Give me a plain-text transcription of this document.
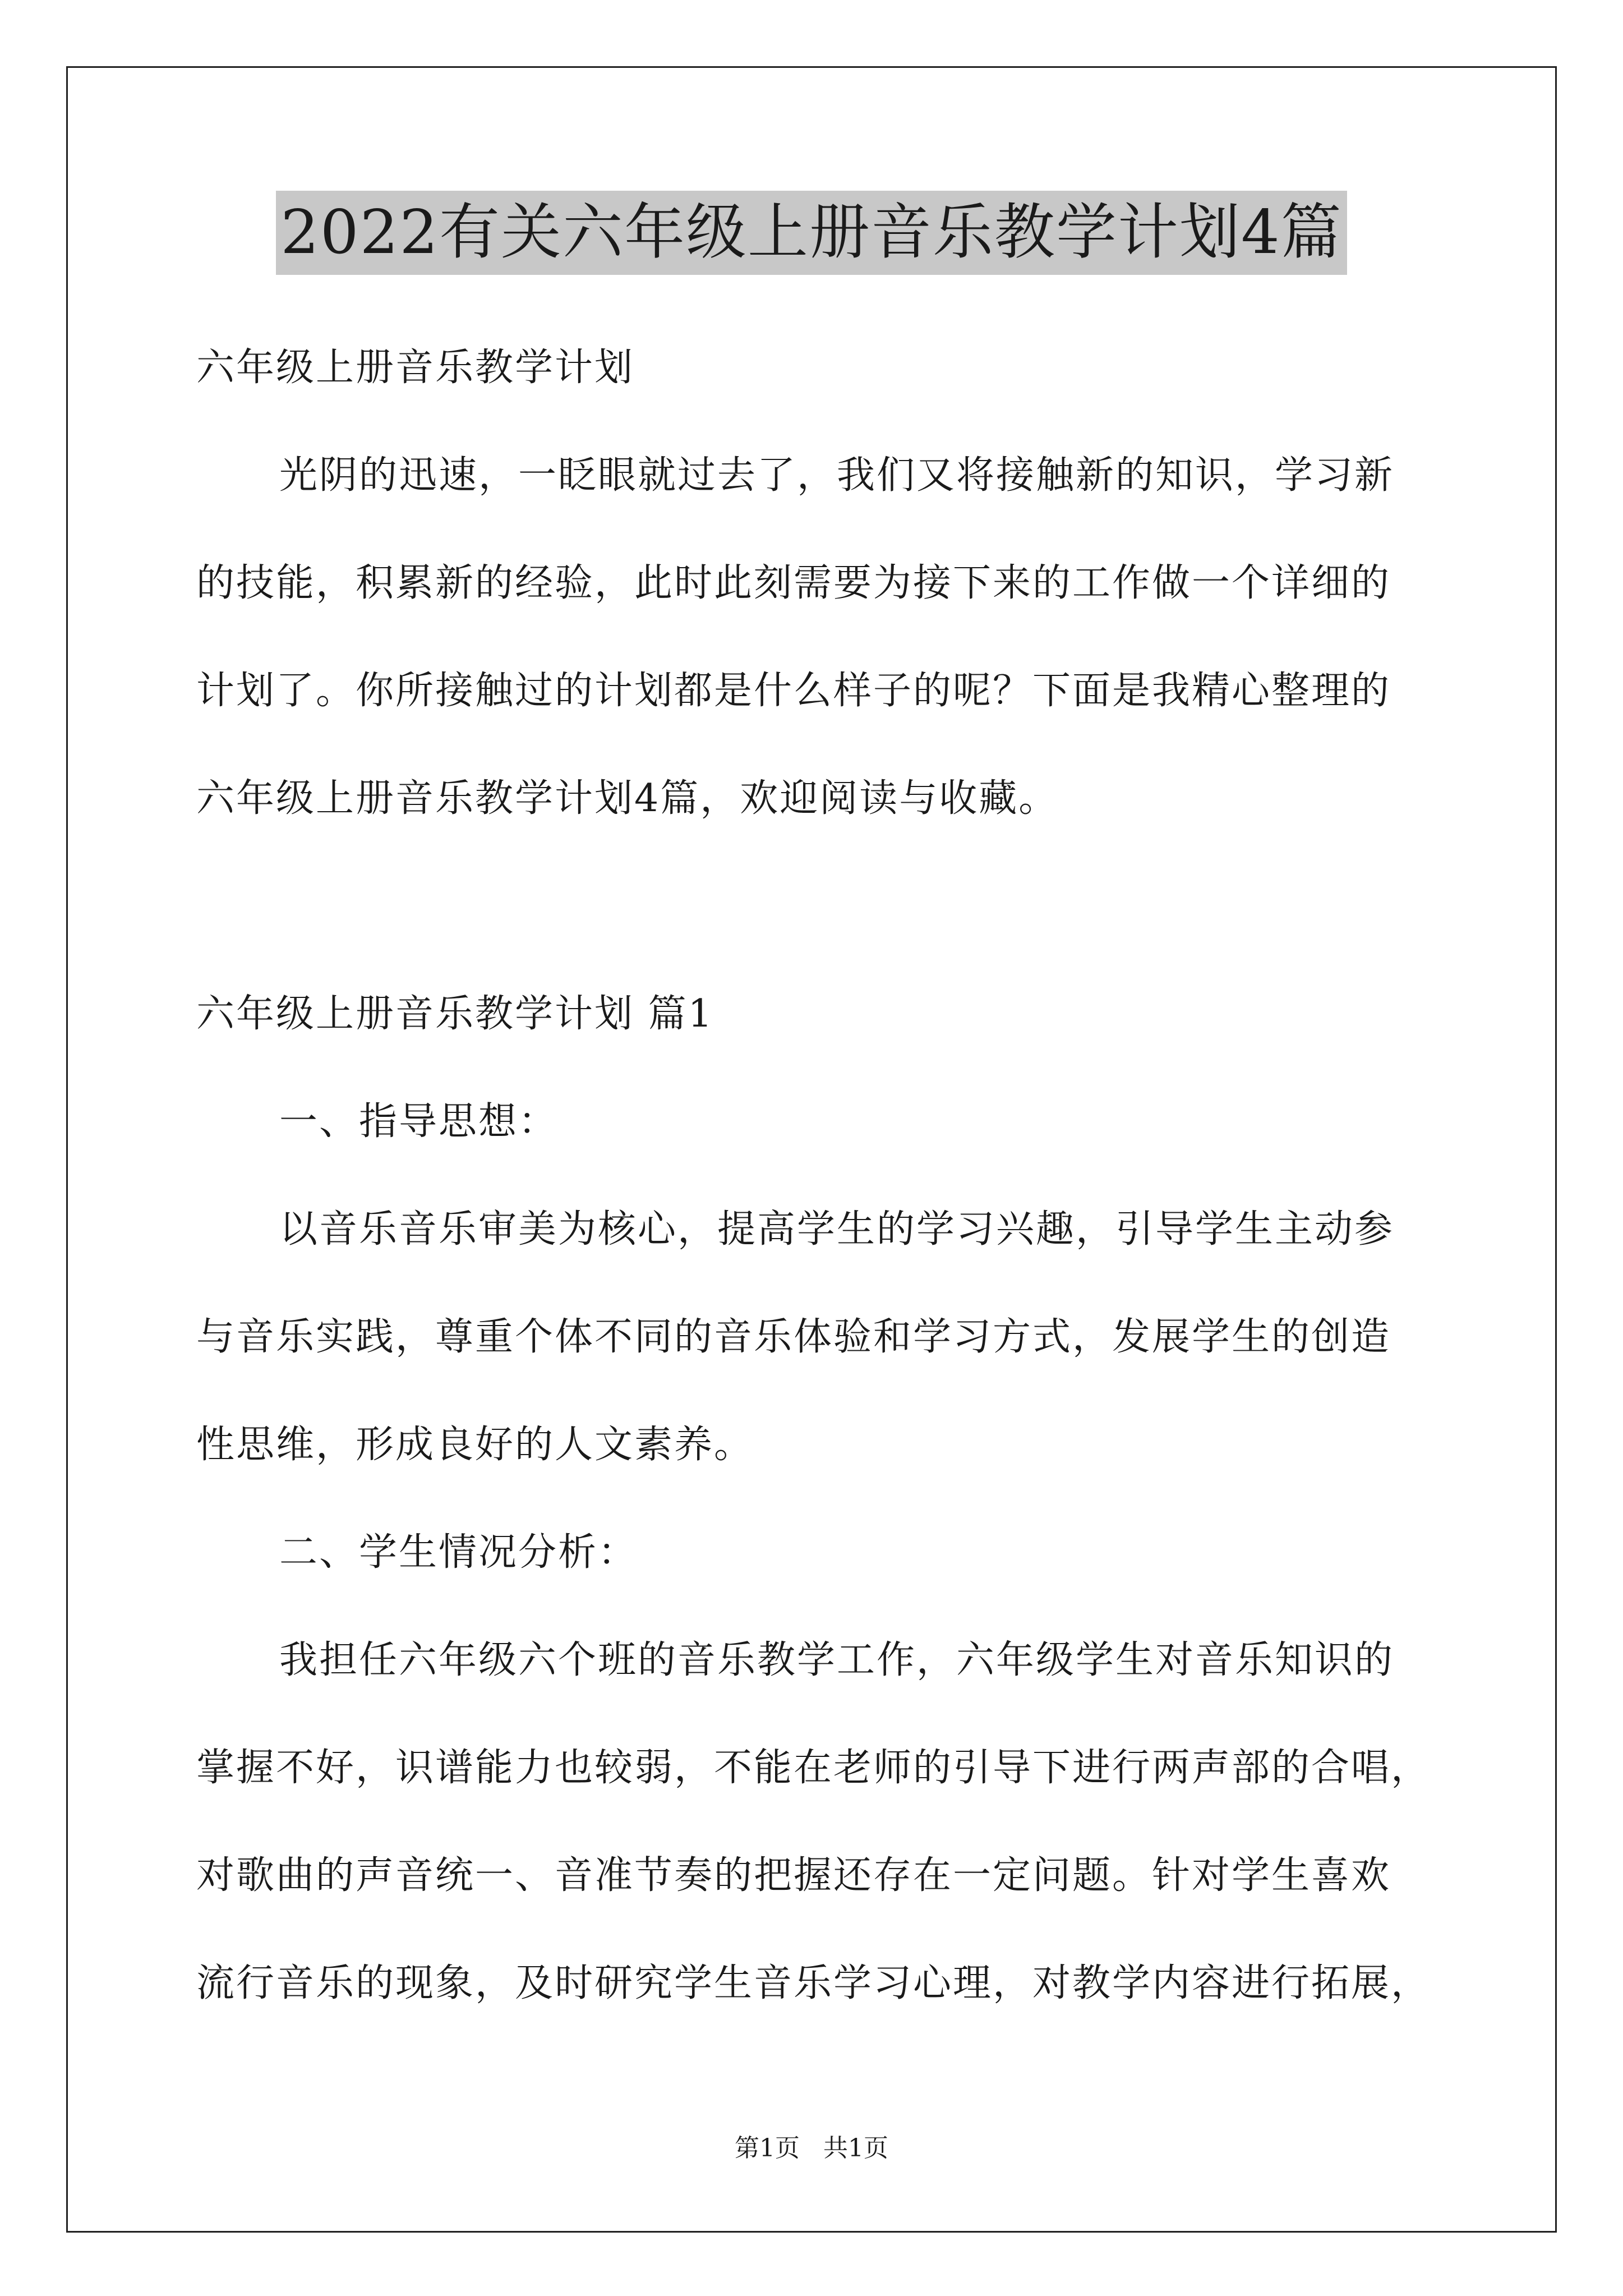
2022有关六年级上册音乐教学计划4篇
六年级上册音乐教学计划
光阴的迅速，一眨眼就过去了，我们又将接触新的知识，学习新
的技能，积累新的经验，此时此刻需要为接下来的工作做一个详细的
计划了。你所接触过的计划都是什么样子的呢？下面是我精心整理的
六年级上册音乐教学计划4篇，欢迎阅读与收藏。
六年级上册音乐教学计划 篇1
一、指导思想：
以音乐音乐审美为核心，提高学生的学习兴趣，引导学生主动参
与音乐实践，尊重个体不同的音乐体验和学习方式，发展学生的创造
性思维，形成良好的人文素养。
二、学生情况分析：
我担任六年级六个班的音乐教学工作，六年级学生对音乐知识的
掌握不好，识谱能力也较弱，不能在老师的引导下进行两声部的合唱，
对歌曲的声音统一、音准节奏的把握还存在一定问题。针对学生喜欢
流行音乐的现象，及时研究学生音乐学习心理，对教学内容进行拓展，
第1页   共1页
